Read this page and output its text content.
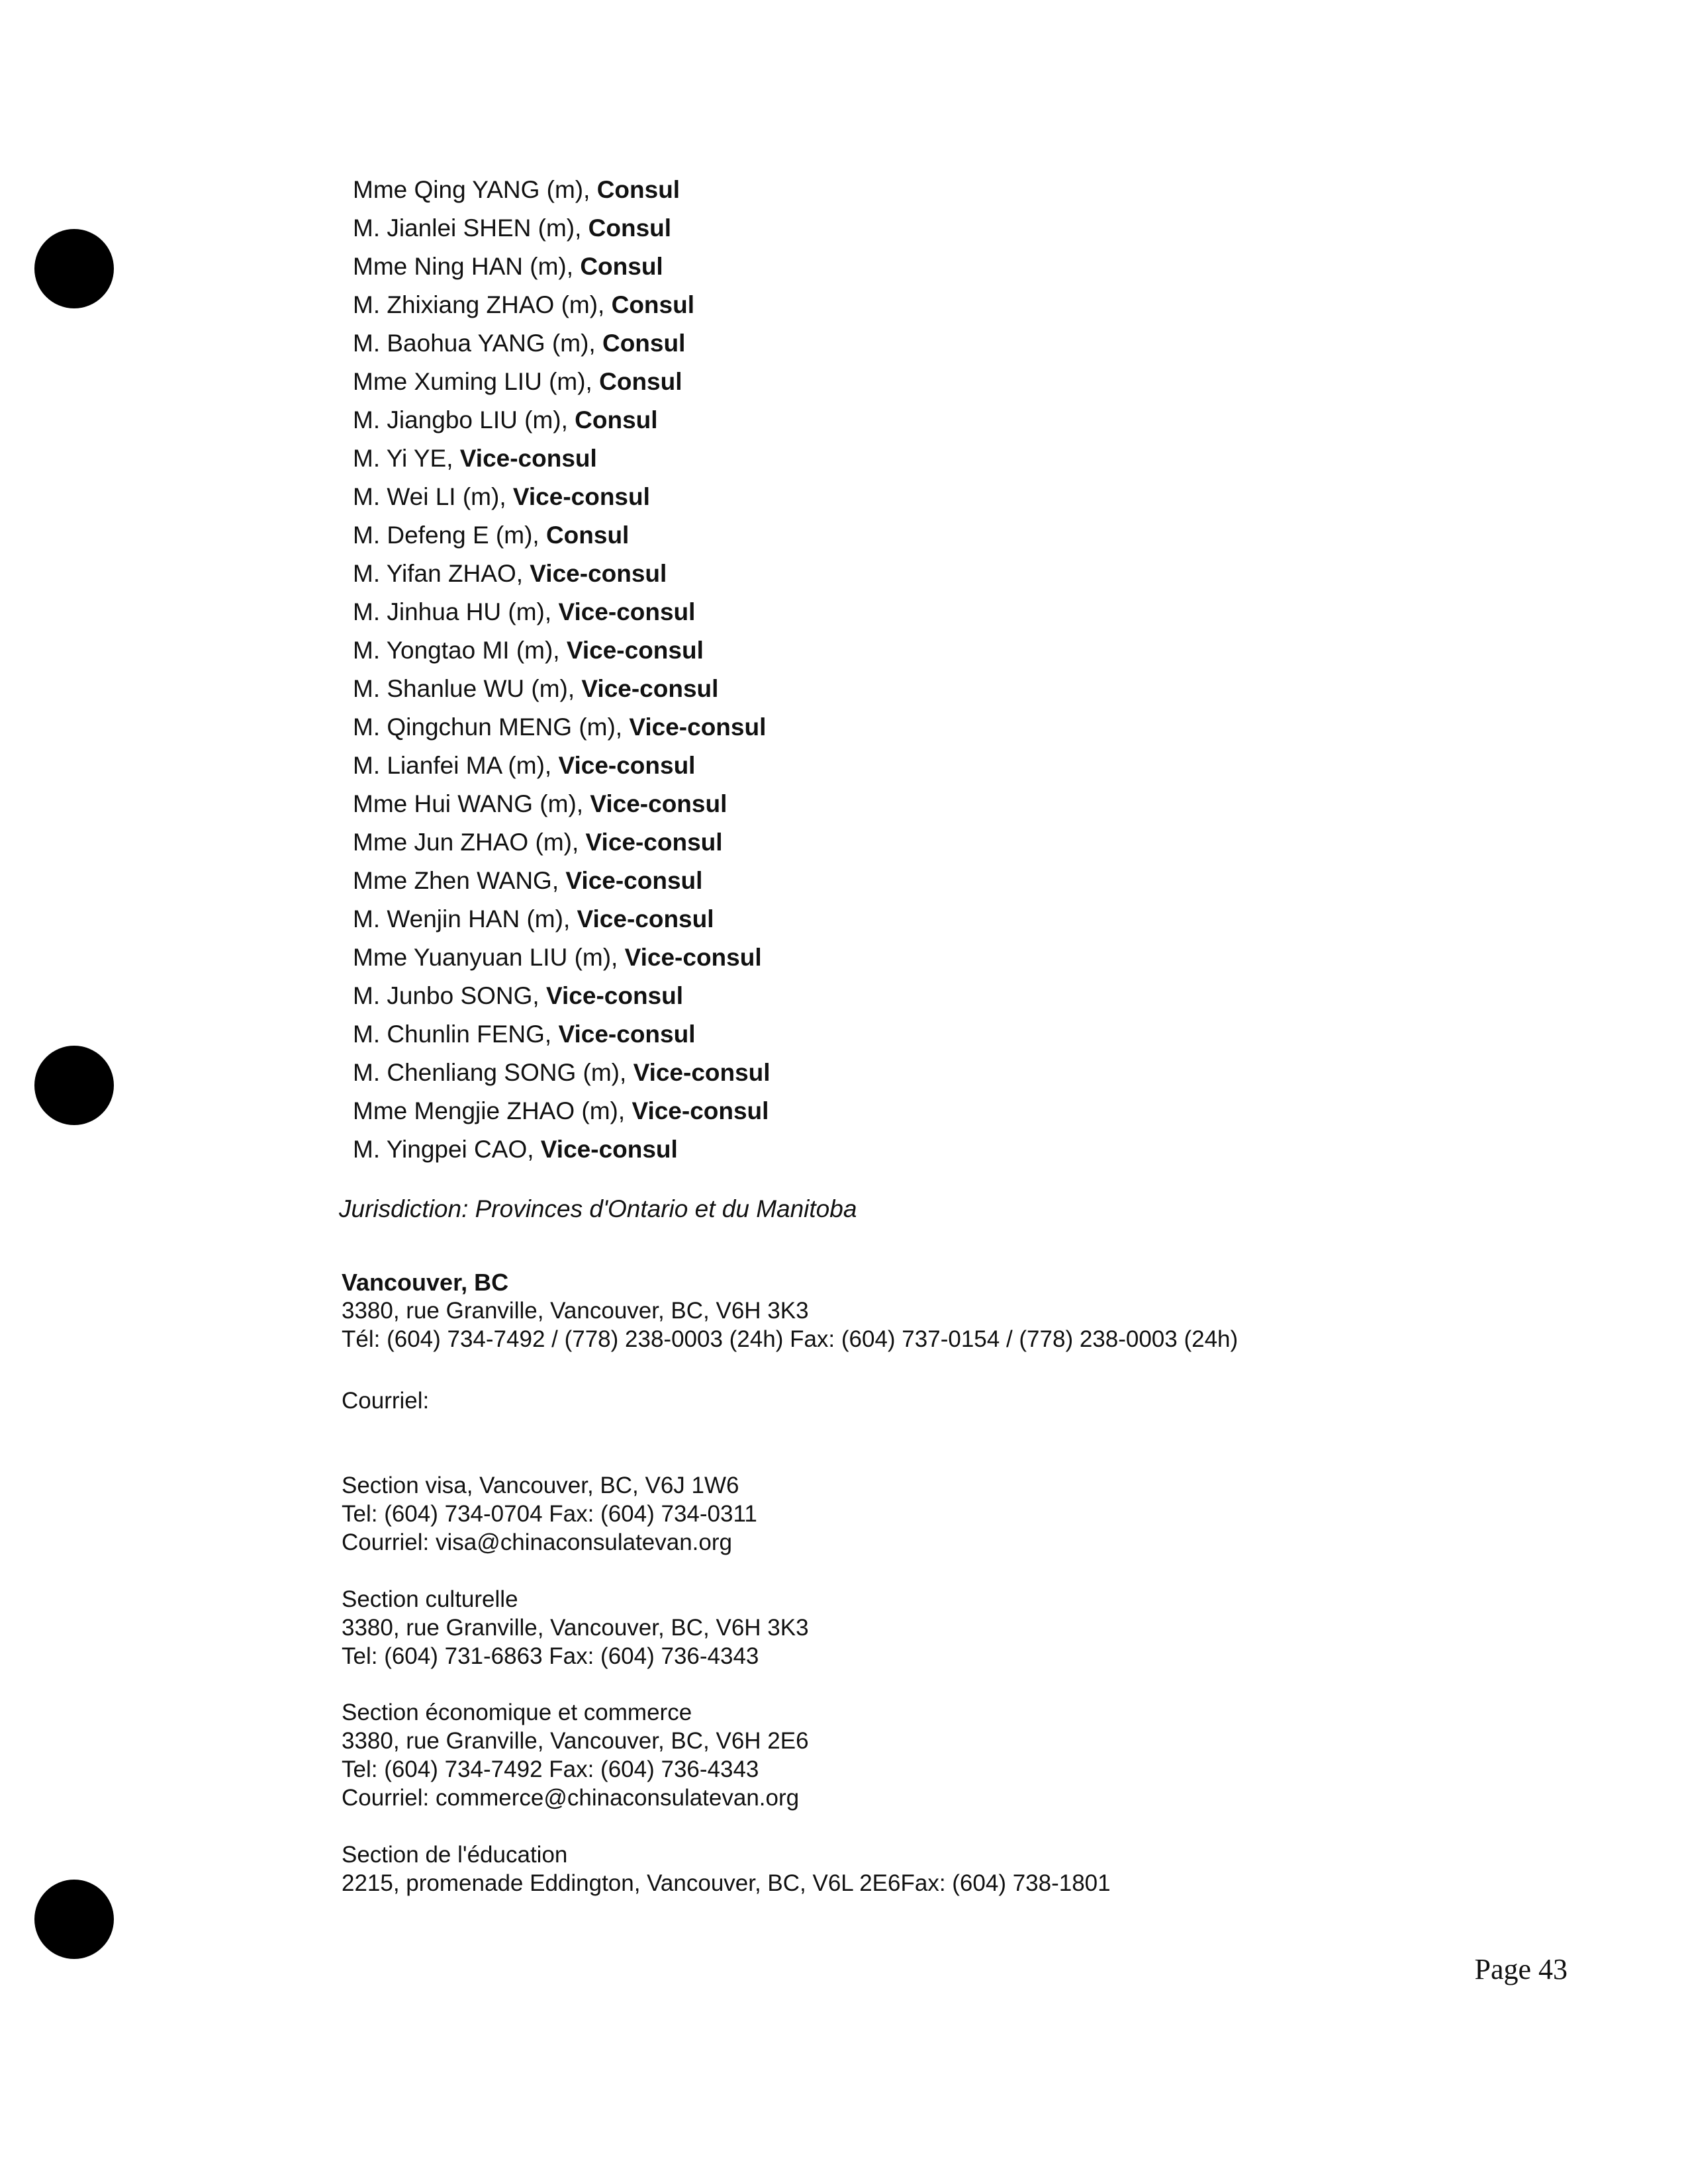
Mme Qing YANG (m), Consul
M. Jianlei SHEN (m), Consul
Mme Ning HAN (m), Consul
M. Zhixiang ZHAO (m), Consul
M. Baohua YANG (m), Consul
Mme Xuming LIU (m), Consul
M. Jiangbo LIU (m), Consul
M. Yi YE, Vice-consul
M. Wei LI (m), Vice-consul
M. Defeng E (m), Consul
M. Yifan ZHAO, Vice-consul
M. Jinhua HU (m), Vice-consul
M. Yongtao MI (m), Vice-consul
M. Shanlue WU (m), Vice-consul
M. Qingchun MENG (m), Vice-consul
M. Lianfei MA (m), Vice-consul
Mme Hui WANG (m), Vice-consul
Mme Jun ZHAO (m), Vice-consul
Mme Zhen WANG, Vice-consul
M. Wenjin HAN (m), Vice-consul
Mme Yuanyuan LIU (m), Vice-consul
M. Junbo SONG, Vice-consul
M. Chunlin FENG, Vice-consul
M. Chenliang SONG (m), Vice-consul
Mme Mengjie ZHAO (m), Vice-consul
M. Yingpei CAO, Vice-consul

Jurisdiction: Provinces d'Ontario et du Manitoba

Vancouver, BC

3380, rue Granville, Vancouver, BC, V6H 3K3

Tél: (604) 734-7492 / (778) 238-0003 (24h) Fax: (604) 737-0154 / (778) 238-0003 (24h)

Courriel:

Section visa, Vancouver, BC, V6J 1W6

Tel: (604) 734-0704 Fax: (604) 734-0311

Courriel: visa@chinaconsulatevan.org

Section culturelle

3380, rue Granville, Vancouver, BC, V6H 3K3

Tel: (604) 731-6863 Fax: (604) 736-4343

Section économique et commerce

3380, rue Granville, Vancouver, BC, V6H 2E6

Tel: (604) 734-7492 Fax: (604) 736-4343

Courriel: commerce@chinaconsulatevan.org

Section de l'éducation

2215, promenade Eddington, Vancouver, BC, V6L 2E6Fax: (604) 738-1801

Page 43
